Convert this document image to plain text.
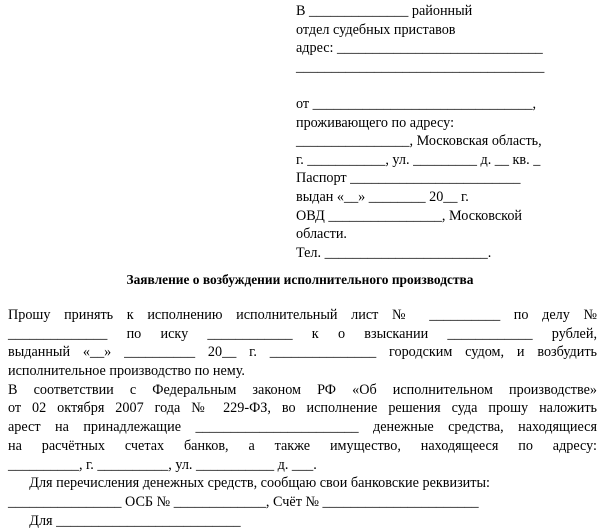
В ______________ районный
отдел судебных приставов
адрес: _____________________________
___________________________________
от _______________________________,
проживающего по адресу:
________________, Московская область,
г. ___________, ул. _________ д. __ кв. _
Паспорт ________________________
выдан «__» ________ 20__ г.
ОВД ________________, Московской
области.
Тел. _______________________.
Заявление о возбуждении исполнительного производства
Прошу принять к исполнению исполнительный лист № __________ по делу №
______________ по иску ____________ к о взыскании ____________ рублей,
выданный «__» __________ 20__ г. _______________ городским судом, и возбудить
исполнительное производство по нему.
В соответствии с Федеральным законом РФ «Об исполнительном производстве»
от 02 октября 2007 года № 229-ФЗ, во исполнение решения суда прошу наложить
арест на принадлежащие _______________________ денежные средства, находящиеся
на расчётных счетах банков, а также имущество, находящееся по адресу:
__________, г. __________, ул. ___________ д. ___.
Для перечисления денежных средств, сообщаю свои банковские реквизиты:
________________ ОСБ № _____________, Счёт № ______________________
Для __________________________
